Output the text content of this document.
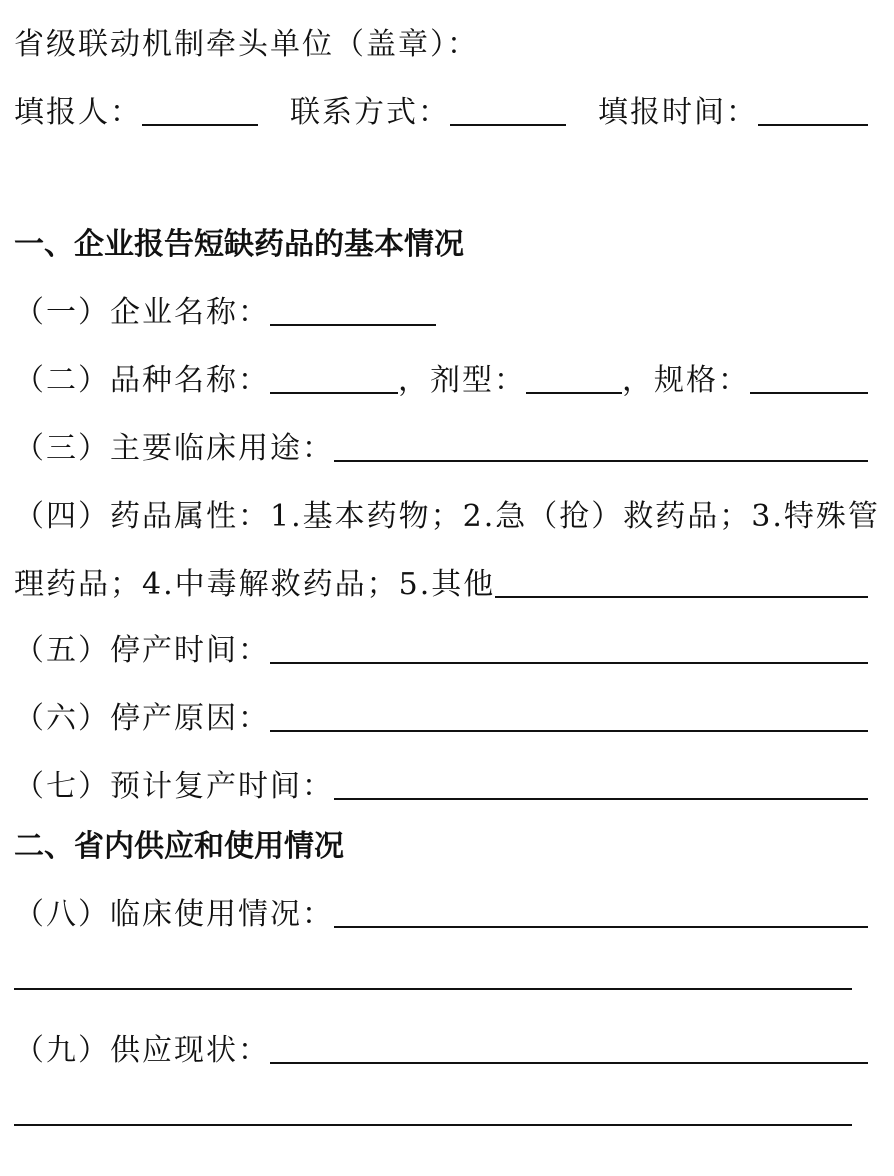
省级联动机制牵头单位（盖章）：
填报人：	联系方式：	填报时间：
一、企业报告短缺药品的基本情况
（一）企业名称：
（二）品种名称：	，剂型：	，规格：
（三）主要临床用途：
（四）药品属性：1.基本药物；2.急（抢）救药品；3.特殊管
理药品；4.中毒解救药品；5.其他
（五）停产时间：
（六）停产原因：
（七）预计复产时间：
二、省内供应和使用情况
（八）临床使用情况：
（九）供应现状：
